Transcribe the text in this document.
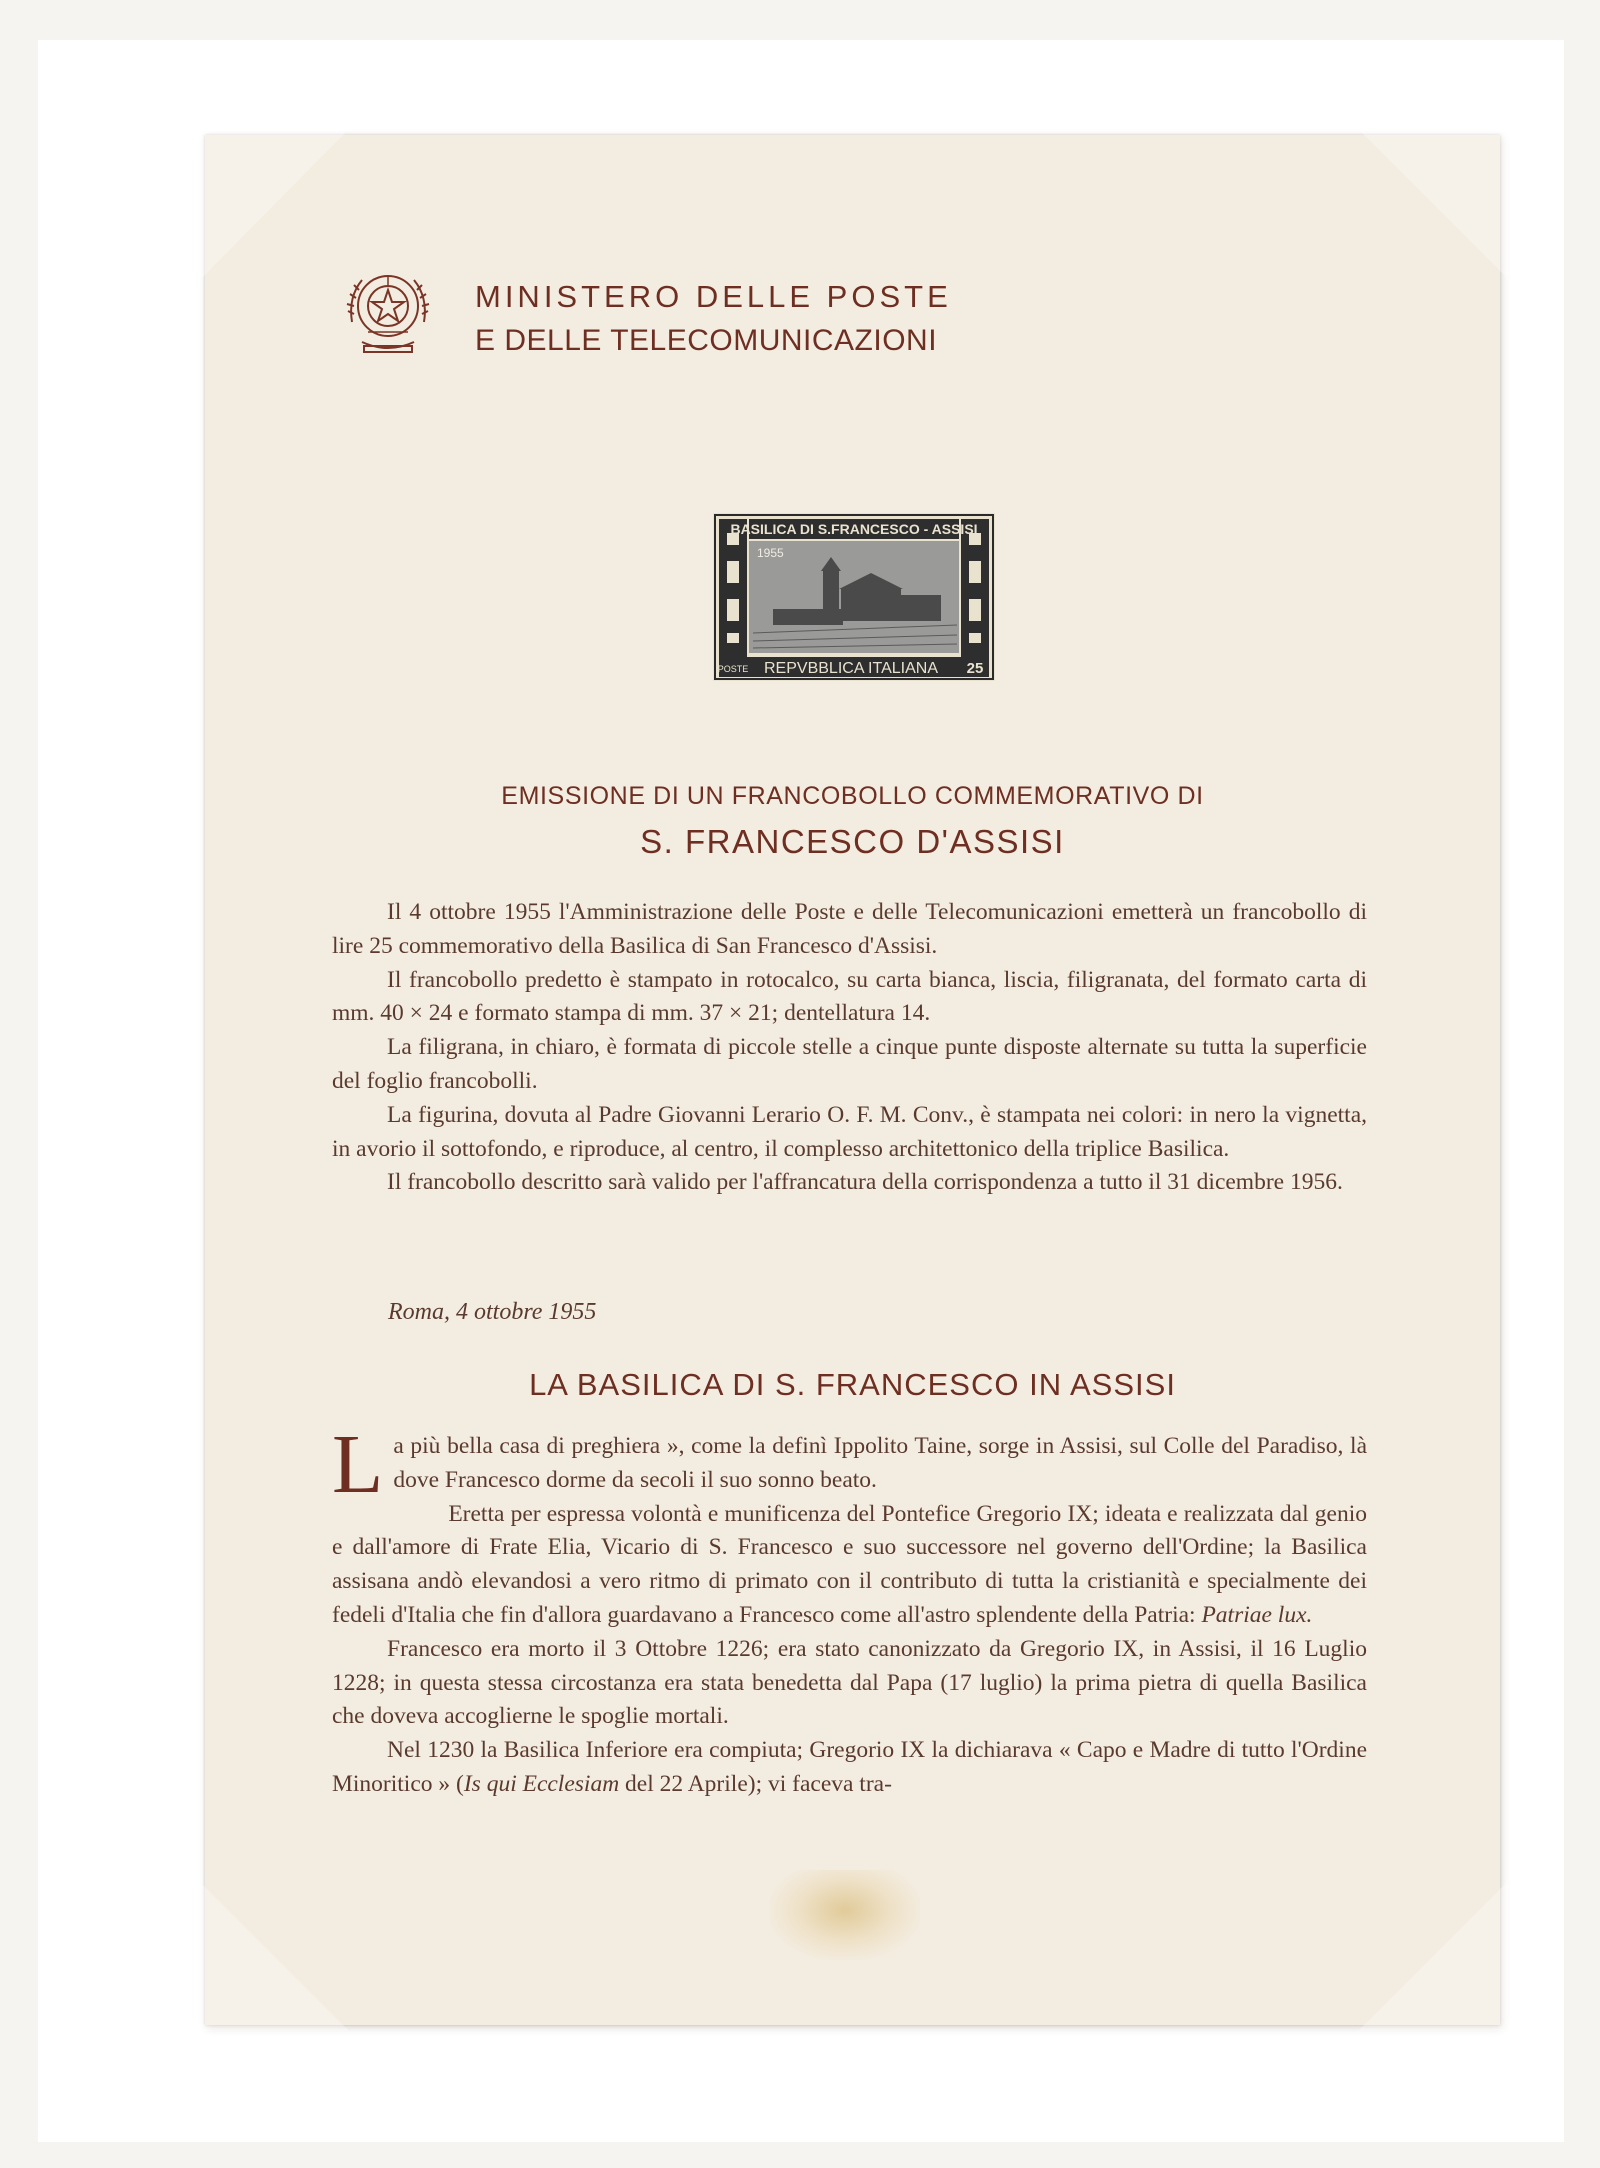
MINISTERO DELLE POSTE
E DELLE TELECOMUNICAZIONI
BASILICA DI S.FRANCESCO - ASSISI
1955
POSTE REPVBBLICA ITALIANA 25
EMISSIONE DI UN FRANCOBOLLO COMMEMORATIVO DI
S. FRANCESCO D'ASSISI

Il 4 ottobre 1955 l'Amministrazione delle Poste e delle Telecomunicazioni emetterà un francobollo di lire 25 commemorativo della Basilica di San Francesco d'Assisi.

Il francobollo predetto è stampato in rotocalco, su carta bianca, liscia, filigranata, del formato carta di mm. 40 × 24 e formato stampa di mm. 37 × 21; dentellatura 14.

La filigrana, in chiaro, è formata di piccole stelle a cinque punte disposte alternate su tutta la superficie del foglio francobolli.

La figurina, dovuta al Padre Giovanni Lerario O. F. M. Conv., è stampata nei colori: in nero la vignetta, in avorio il sottofondo, e riproduce, al centro, il complesso architettonico della triplice Basilica.

Il francobollo descritto sarà valido per l'affrancatura della corrispondenza a tutto il 31 dicembre 1956.

Roma, 4 ottobre 1955
LA BASILICA DI S. FRANCESCO IN ASSISI

La più bella casa di preghiera », come la definì Ippolito Taine, sorge in Assisi, sul Colle del Paradiso, là dove Francesco dorme da secoli il suo sonno beato.

Eretta per espressa volontà e munificenza del Pontefice Gregorio IX; ideata e realizzata dal genio e dall'amore di Frate Elia, Vicario di S. Francesco e suo successore nel governo dell'Ordine; la Basilica assisana andò elevandosi a vero ritmo di primato con il contributo di tutta la cristianità e specialmente dei fedeli d'Italia che fin d'allora guardavano a Francesco come all'astro splendente della Patria: Patriae lux.

Francesco era morto il 3 Ottobre 1226; era stato canonizzato da Gregorio IX, in Assisi, il 16 Luglio 1228; in questa stessa circostanza era stata benedetta dal Papa (17 luglio) la prima pietra di quella Basilica che doveva accoglierne le spoglie mortali.

Nel 1230 la Basilica Inferiore era compiuta; Gregorio IX la dichiarava « Capo e Madre di tutto l'Ordine Minoritico » (Is qui Ecclesiam del 22 Aprile); vi faceva tra-
